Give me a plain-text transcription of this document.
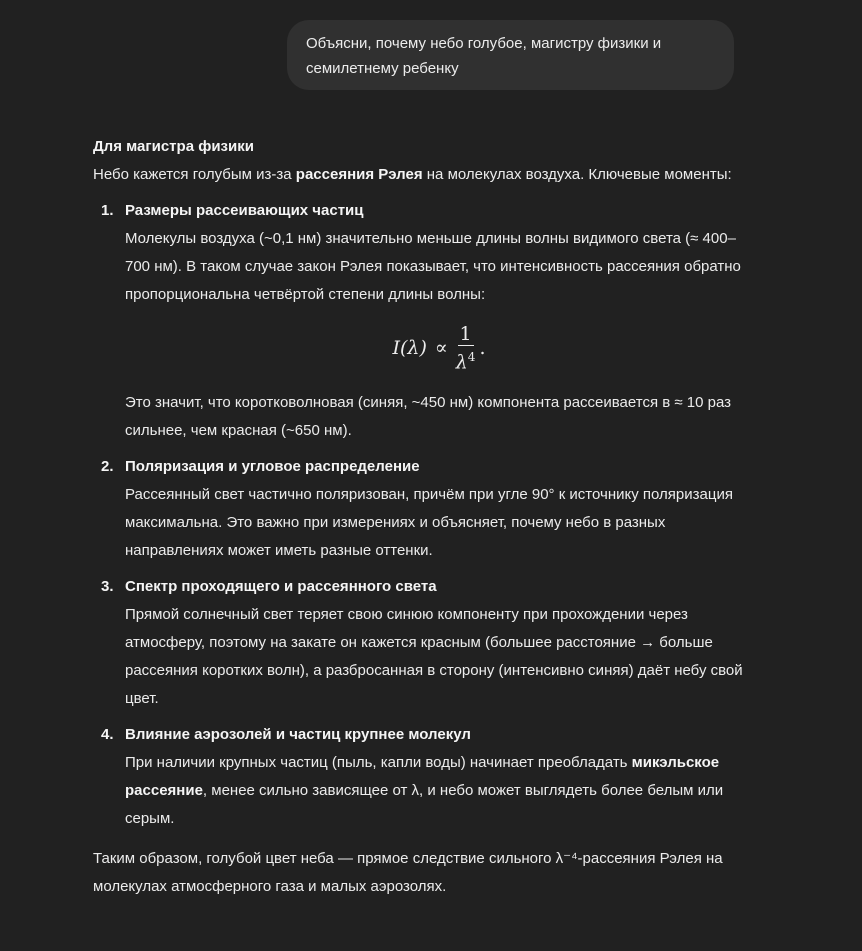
Объясни, почему небо голубое, магистру физики и семилетнему ребенку

Для магистра физики

Небо кажется голубым из-за рассеяния Рэлея на молекулах воздуха. Ключевые моменты:

1. Размеры рассеивающих частиц
Молекулы воздуха (~0,1 нм) значительно меньше длины волны видимого света (≈ 400–700 нм). В таком случае закон Рэлея показывает, что интенсивность рассеяния обратно пропорциональна четвёртой степени длины волны:
$I(\lambda) \propto \frac{1}{\lambda^4}$ .
Это значит, что коротковолновая (синяя, ~450 нм) компонента рассеивается в ≈ 10 раз сильнее, чем красная (~650 нм).
2. Поляризация и угловое распределение
Рассеянный свет частично поляризован, причём при угле 90° к источнику поляризация максимальна. Это важно при измерениях и объясняет, почему небо в разных направлениях может иметь разные оттенки.
3. Спектр проходящего и рассеянного света
Прямой солнечный свет теряет свою синюю компоненту при прохождении через атмосферу, поэтому на закате он кажется красным (большее расстояние → больше рассеяния коротких волн), а разбросанная в сторону (интенсивно синяя) даёт небу свой цвет.
4. Влияние аэрозолей и частиц крупнее молекул
При наличии крупных частиц (пыль, капли воды) начинает преобладать микэльское рассеяние, менее сильно зависящее от λ, и небо может выглядеть более белым или серым.

Таким образом, голубой цвет неба — прямое следствие сильного λ⁻⁴-рассеяния Рэлея на молекулах атмосферного газа и малых аэрозолях.
